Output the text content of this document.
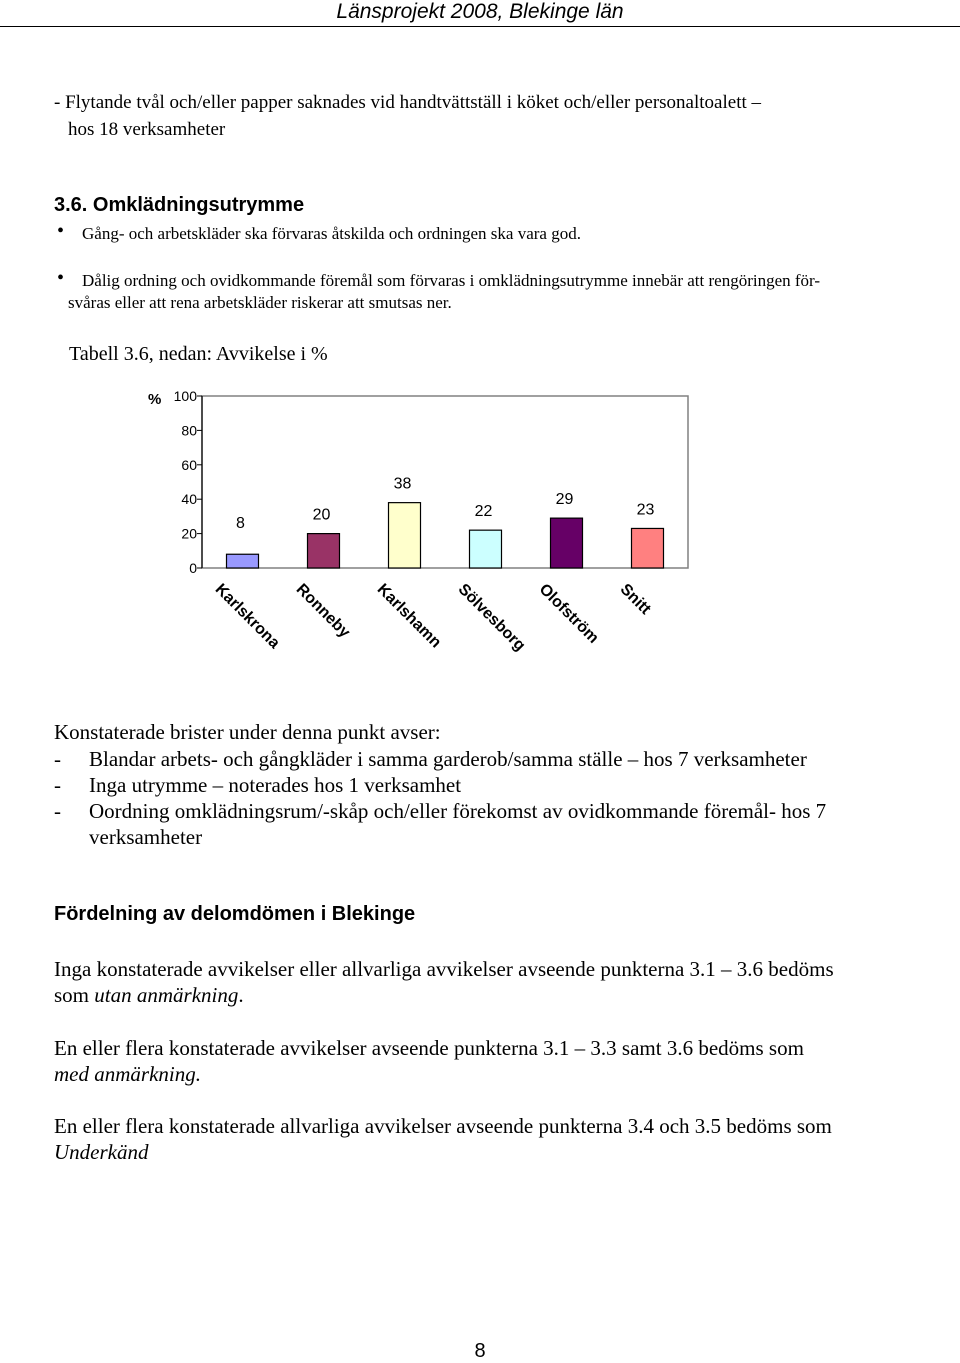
Länsprojekt 2008, Blekinge län
- Flytande tvål och/eller papper saknades vid handtvättställ i köket och/eller personaltoalett –
hos 18 verksamheter
3.6. Omklädningsutrymme
• Gång- och arbetskläder ska förvaras åtskilda och ordningen ska vara god.
• Dålig ordning och ovidkommande föremål som förvaras i omklädningsutrymme innebär att rengöringen för-
svåras eller att rena arbetskläder riskerar att smutsas ner.
Tabell 3.6, nedan: Avvikelse i %
%
0
20
40
60
80
100
8
Karlskrona
20
Ronneby
38
Karlshamn
22
Sölvesborg
29
Olofström
23
Snitt
Konstaterade brister under denna punkt avser:
- Blandar arbets- och gångkläder i samma garderob/samma ställe – hos 7 verksamheter
- Inga utrymme – noterades hos 1 verksamhet
- Oordning omklädningsrum/-skåp och/eller förekomst av ovidkommande föremål- hos 7
verksamheter
Fördelning av delomdömen i Blekinge
Inga konstaterade avvikelser eller allvarliga avvikelser avseende punkterna 3.1 – 3.6 bedöms
som utan anmärkning.
En eller flera konstaterade avvikelser avseende punkterna 3.1 – 3.3 samt 3.6 bedöms som
med anmärkning.
En eller flera konstaterade allvarliga avvikelser avseende punkterna 3.4 och 3.5 bedöms som
Underkänd
8
